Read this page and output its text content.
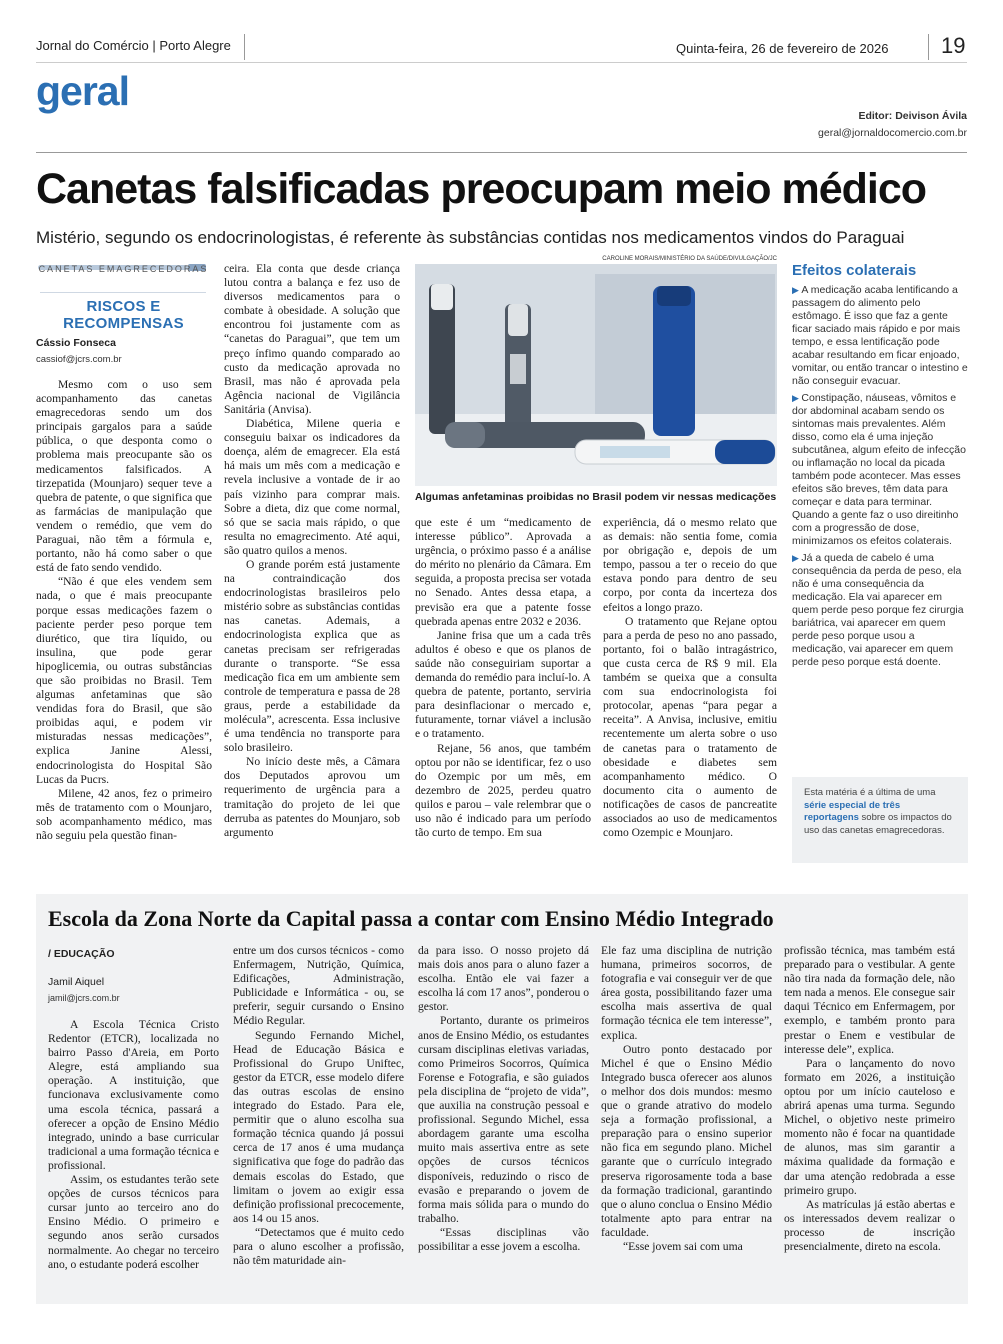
Jornal do Comércio | Porto Alegre	Quinta-feira, 26 de fevereiro de 2026 19
geral
Editor: Deivison Ávila
geral@jornaldocomercio.com.br
Canetas falsificadas preocupam meio médico
Mistério, segundo os endocrinologistas, é referente às substâncias contidas nos medicamentos vindos do Paraguai
CANETAS EMAGRECEDORAS
RISCOS E RECOMPENSAS
Cássio Fonseca
cassiof@jcrs.com.br

Mesmo com o uso sem acompanhamento das canetas emagrecedoras sendo um dos principais gargalos para a saúde pública, o que desponta como o problema mais preocupante são os medicamentos falsificados. A tirzepatida (Mounjaro) sequer teve a quebra de patente, o que significa que as farmácias de manipulação que vendem o remédio, que vem do Paraguai, não têm a fórmula e, portanto, não há como saber o que está de fato sendo vendido.

“Não é que eles vendem sem nada, o que é mais preocupante porque essas medicações fazem o paciente perder peso porque tem diurético, que tira líquido, ou insulina, que pode gerar hipoglicemia, ou outras substâncias que são proibidas no Brasil. Tem algumas anfetaminas que são vendidas fora do Brasil, que são proibidas aqui, e podem vir misturadas nessas medicações”, explica Janine Alessi, endocrinologista do Hospital São Lucas da Pucrs.

Milene, 42 anos, fez o primeiro mês de tratamento com o Mounjaro, sob acompanhamento médico, mas não seguiu pela questão finan-

ceira. Ela conta que desde criança lutou contra a balança e fez uso de diversos medicamentos para o combate à obesidade. A solução que encontrou foi justamente com as “canetas do Paraguai”, que tem um preço ínfimo quando comparado ao custo da medicação aprovada no Brasil, mas não é aprovada pela Agência nacional de Vigilância Sanitária (Anvisa).

Diabética, Milene queria e conseguiu baixar os indicadores da doença, além de emagrecer. Ela está há mais um mês com a medicação e revela inclusive a vontade de ir ao país vizinho para comprar mais. Sobre a dieta, diz que come normal, só que se sacia mais rápido, o que resulta no emagrecimento. Até aqui, são quatro quilos a menos.

O grande porém está justamente na contraindicação dos endocrinologistas brasileiros pelo mistério sobre as substâncias contidas nas canetas. Ademais, a endocrinologista explica que as canetas precisam ser refrigeradas durante o transporte. “Se essa medicação fica em um ambiente sem controle de temperatura e passa de 28 graus, perde a estabilidade da molécula”, acrescenta. Essa inclusive é uma tendência no transporte para solo brasileiro.

No início deste mês, a Câmara dos Deputados aprovou um requerimento de urgência para a tramitação do projeto de lei que derruba as patentes do Mounjaro, sob argumento

CAROLINE MORAIS/MINISTÉRIO DA SAÚDE/DIVULGAÇÃO/JC
Algumas anfetaminas proibidas no Brasil podem vir nessas medicações

que este é um “medicamento de interesse público”. Aprovada a urgência, o próximo passo é a análise do mérito no plenário da Câmara. Em seguida, a proposta precisa ser votada no Senado. Antes dessa etapa, a previsão era que a patente fosse quebrada apenas entre 2032 e 2036.

Janine frisa que um a cada três adultos é obeso e que os planos de saúde não conseguiriam suportar a demanda do remédio para incluí-lo. A quebra de patente, portanto, serviria para desinflacionar o mercado e, futuramente, tornar viável a inclusão e o tratamento.

Rejane, 56 anos, que também optou por não se identificar, fez o uso do Ozempic por um mês, em dezembro de 2025, perdeu quatro quilos e parou – vale relembrar que o uso não é indicado para um período tão curto de tempo. Em sua

experiência, dá o mesmo relato que as demais: não sentia fome, comia por obrigação e, depois de um tempo, passou a ter o receio do que estava pondo para dentro de seu corpo, por conta da incerteza dos efeitos a longo prazo.

O tratamento que Rejane optou para a perda de peso no ano passado, portanto, foi o balão intragástrico, que custa cerca de R$ 9 mil. Ela também se queixa que a consulta com sua endocrinologista foi protocolar, apenas “para pegar a receita”. A Anvisa, inclusive, emitiu recentemente um alerta sobre o uso de canetas para o tratamento de obesidade e diabetes sem acompanhamento médico. O documento cita o aumento de notificações de casos de pancreatite associados ao uso de medicamentos como Ozempic e Mounjaro.

Efeitos colaterais
▶ A medicação acaba lentificando a passagem do alimento pelo estômago. É isso que faz a gente ficar saciado mais rápido e por mais tempo, e essa lentificação pode acabar resultando em ficar enjoado, vomitar, ou então trancar o intestino e não conseguir evacuar.
▶ Constipação, náuseas, vômitos e dor abdominal acabam sendo os sintomas mais prevalentes. Além disso, como ela é uma injeção subcutânea, algum efeito de infecção ou inflamação no local da picada também pode acontecer. Mas esses efeitos são breves, têm data para começar e data para terminar. Quando a gente faz o uso direitinho com a progressão de dose, minimizamos os efeitos colaterais.
▶ Já a queda de cabelo é uma consequência da perda de peso, ela não é uma consequência da medicação. Ela vai aparecer em quem perde peso porque fez cirurgia bariátrica, vai aparecer em quem perde peso porque usou a medicação, vai aparecer em quem perde peso porque está doente.
Esta matéria é a última de uma série especial de três reportagens sobre os impactos do uso das canetas emagrecedoras.
Escola da Zona Norte da Capital passa a contar com Ensino Médio Integrado
/ EDUCAÇÃO
Jamil Aiquel
jamil@jcrs.com.br

A Escola Técnica Cristo Redentor (ETCR), localizada no bairro Passo d'Areia, em Porto Alegre, está ampliando sua operação. A instituição, que funcionava exclusivamente como uma escola técnica, passará a oferecer a opção de Ensino Médio integrado, unindo a base curricular tradicional a uma formação técnica e profissional.

Assim, os estudantes terão sete opções de cursos técnicos para cursar junto ao terceiro ano do Ensino Médio. O primeiro e segundo anos serão cursados normalmente. Ao chegar no terceiro ano, o estudante poderá escolher

entre um dos cursos técnicos - como Enfermagem, Nutrição, Química, Edificações, Administração, Publicidade e Informática - ou, se preferir, seguir cursando o Ensino Médio Regular.

Segundo Fernando Michel, Head de Educação Básica e Profissional do Grupo Uniftec, gestor da ETCR, esse modelo difere das outras escolas de ensino integrado do Estado. Para ele, permitir que o aluno escolha sua formação técnica quando já possui cerca de 17 anos é uma mudança significativa que foge do padrão das demais escolas do Estado, que limitam o jovem ao exigir essa definição profissional precocemente, aos 14 ou 15 anos.

“Detectamos que é muito cedo para o aluno escolher a profissão, não têm maturidade ain-

da para isso. O nosso projeto dá mais dois anos para o aluno fazer a escolha. Então ele vai fazer a escolha lá com 17 anos”, ponderou o gestor.

Portanto, durante os primeiros anos de Ensino Médio, os estudantes cursam disciplinas eletivas variadas, como Primeiros Socorros, Química Forense e Fotografia, e são guiados pela disciplina de “projeto de vida”, que auxilia na construção pessoal e profissional. Segundo Michel, essa abordagem garante uma escolha muito mais assertiva entre as sete opções de cursos técnicos disponíveis, reduzindo o risco de evasão e preparando o jovem de forma mais sólida para o mundo do trabalho.

“Essas disciplinas vão possibilitar a esse jovem a escolha.

Ele faz uma disciplina de nutrição humana, primeiros socorros, de fotografia e vai conseguir ver de que área gosta, possibilitando fazer uma escolha mais assertiva de qual formação técnica ele tem interesse”, explica.

Outro ponto destacado por Michel é que o Ensino Médio Integrado busca oferecer aos alunos o melhor dos dois mundos: mesmo que o grande atrativo do modelo seja a formação profissional, a preparação para o ensino superior não fica em segundo plano. Michel garante que o currículo integrado preserva rigorosamente toda a base da formação tradicional, garantindo que o aluno conclua o Ensino Médio totalmente apto para entrar na faculdade.

“Esse jovem sai com uma

profissão técnica, mas também está preparado para o vestibular. A gente não tira nada da formação dele, não tem nada a menos. Ele consegue sair daqui Técnico em Enfermagem, por exemplo, e também pronto para prestar o Enem e vestibular de interesse dele”, explica.

Para o lançamento do novo formato em 2026, a instituição optou por um início cauteloso e abrirá apenas uma turma. Segundo Michel, o objetivo neste primeiro momento não é focar na quantidade de alunos, mas sim garantir a máxima qualidade da formação e dar uma atenção redobrada a esse primeiro grupo.

As matrículas já estão abertas e os interessados devem realizar o processo de inscrição presencialmente, direto na escola.
